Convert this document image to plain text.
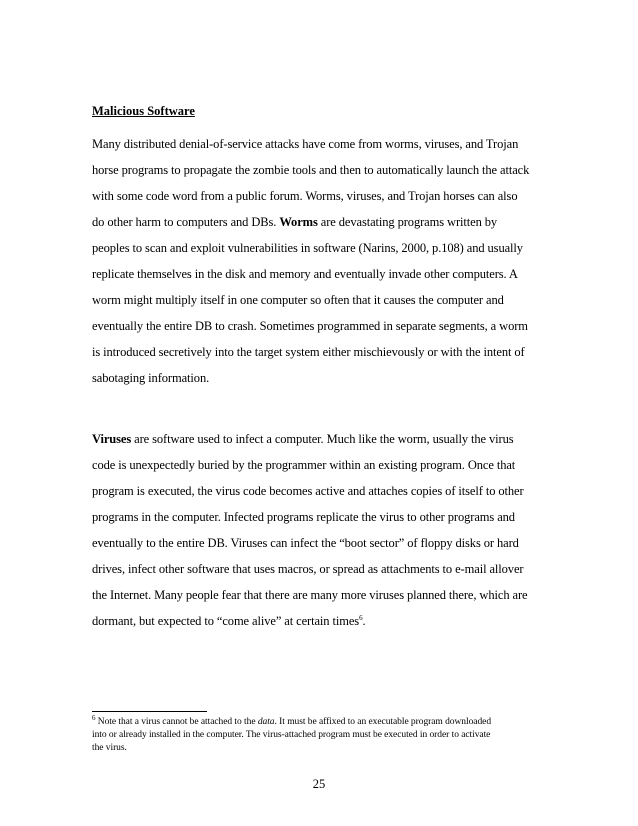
Malicious Software
Many distributed denial-of-service attacks have come from worms, viruses, and Trojan
horse programs to propagate the zombie tools and then to automatically launch the attack
with some code word from a public forum. Worms, viruses, and Trojan horses can also
do other harm to computers and DBs. Worms are devastating programs written by
peoples to scan and exploit vulnerabilities in software (Narins, 2000, p.108) and usually
replicate themselves in the disk and memory and eventually invade other computers. A
worm might multiply itself in one computer so often that it causes the computer and
eventually the entire DB to crash. Sometimes programmed in separate segments, a worm
is introduced secretively into the target system either mischievously or with the intent of
sabotaging information.
Viruses are software used to infect a computer. Much like the worm, usually the virus
code is unexpectedly buried by the programmer within an existing program. Once that
program is executed, the virus code becomes active and attaches copies of itself to other
programs in the computer. Infected programs replicate the virus to other programs and
eventually to the entire DB. Viruses can infect the “boot sector” of floppy disks or hard
drives, infect other software that uses macros, or spread as attachments to e-mail allover
the Internet. Many people fear that there are many more viruses planned there, which are
dormant, but expected to “come alive” at certain times$^6$.
$^6$ Note that a virus cannot be attached to the data. It must be affixed to an executable program downloaded
into or already installed in the computer. The virus-attached program must be executed in order to activate
the virus.
25
